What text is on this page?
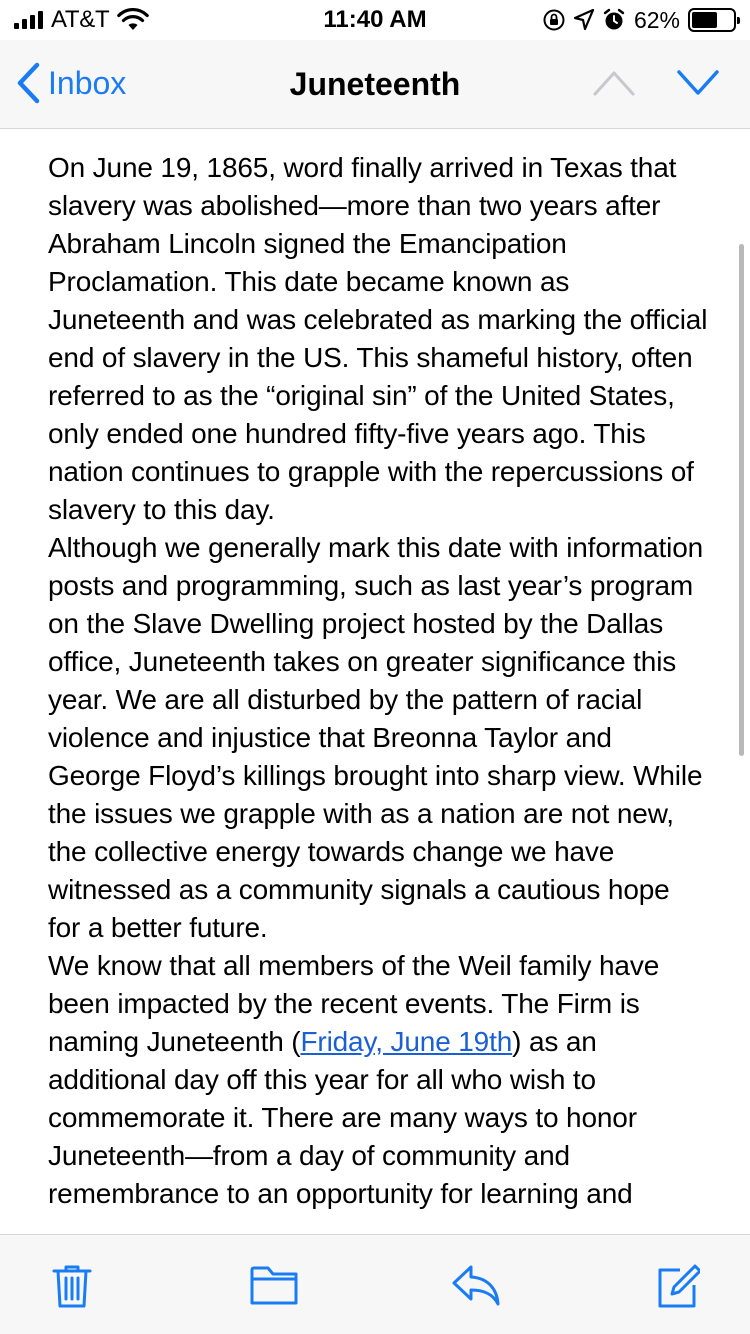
AT&T	11:40 AM	62%
Inbox	Juneteenth

On June 19, 1865, word finally arrived in Texas that slavery was abolished—more than two years after Abraham Lincoln signed the Emancipation Proclamation. This date became known as Juneteenth and was celebrated as marking the official end of slavery in the US. This shameful history, often referred to as the “original sin” of the United States, only ended one hundred fifty-five years ago. This nation continues to grapple with the repercussions of slavery to this day.

Although we generally mark this date with information posts and programming, such as last year’s program on the Slave Dwelling project hosted by the Dallas office, Juneteenth takes on greater significance this year. We are all disturbed by the pattern of racial violence and injustice that Breonna Taylor and George Floyd’s killings brought into sharp view. While the issues we grapple with as a nation are not new, the collective energy towards change we have witnessed as a community signals a cautious hope for a better future.

We know that all members of the Weil family have been impacted by the recent events. The Firm is naming Juneteenth (Friday, June 19th) as an additional day off this year for all who wish to commemorate it. There are many ways to honor Juneteenth—from a day of community and remembrance to an opportunity for learning and
